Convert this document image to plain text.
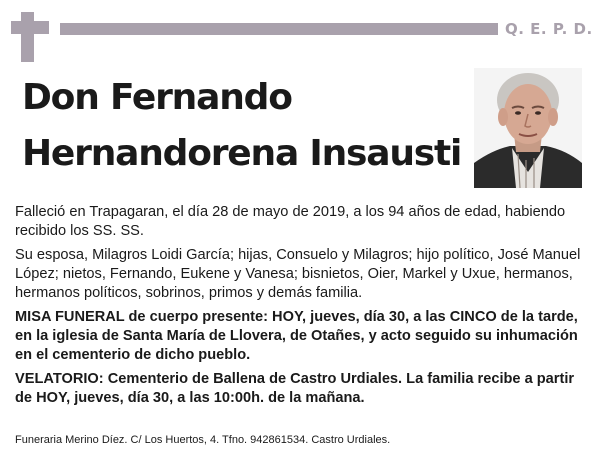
Q. E. P. D.
Don Fernando
Hernandorena Insausti

Falleció en Trapagaran, el día 28 de mayo de 2019, a los 94 años de edad, habiendo recibido los SS. SS.

Su esposa, Milagros Loidi García; hijas, Consuelo y Milagros; hijo político, José Manuel López; nietos, Fernando, Eukene y Vanesa; bisnietos, Oier, Markel y Uxue, hermanos, hermanos políticos, sobrinos, primos y demás familia.

MISA FUNERAL de cuerpo presente: HOY, jueves, día 30, a las CINCO de la tarde, en la iglesia de Santa María de Llovera, de Otañes, y acto seguido su inhumación en el cementerio de dicho pueblo.

VELATORIO: Cementerio de Ballena de Castro Urdiales. La familia recibe a partir de HOY, jueves, día 30, a las 10:00h. de la mañana.

Funeraria Merino Díez. C/ Los Huertos, 4. Tfno. 942861534. Castro Urdiales.
